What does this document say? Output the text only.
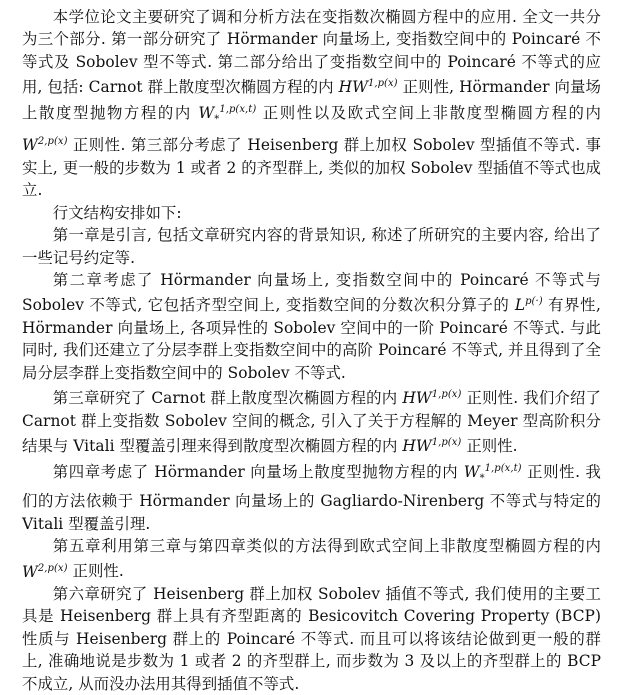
本学位论文主要研究了调和分析方法在变指数次椭圆方程中的应用. 全文一共分为三个部分. 第一部分研究了 Hörmander 向量场上, 变指数空间中的 Poincaré 不等式及 Sobolev 型不等式. 第二部分给出了变指数空间中的 Poincaré 不等式的应用, 包括: Carnot 群上散度型次椭圆方程的内 $HW^{1,p(x)}$ 正则性, Hörmander 向量场上散度型抛物方程的内 $W_*^{1,p(x,t)}$ 正则性以及欧式空间上非散度型椭圆方程的内 $W^{2,p(x)}$ 正则性. 第三部分考虑了 Heisenberg 群上加权 Sobolev 型插值不等式. 事实上, 更一般的步数为 1 或者 2 的齐型群上, 类似的加权 Sobolev 型插值不等式也成立.

行文结构安排如下:

第一章是引言, 包括文章研究内容的背景知识, 称述了所研究的主要内容, 给出了一些记号约定等.

第二章考虑了 Hörmander 向量场上, 变指数空间中的 Poincaré 不等式与 Sobolev 不等式, 它包括齐型空间上, 变指数空间的分数次积分算子的 $L^{p(\cdot)}$ 有界性, Hörmander 向量场上, 各项异性的 Sobolev 空间中的一阶 Poincaré 不等式. 与此同时, 我们还建立了分层李群上变指数空间中的高阶 Poincaré 不等式, 并且得到了全局分层李群上变指数空间中的 Sobolev 不等式.

第三章研究了 Carnot 群上散度型次椭圆方程的内 $HW^{1,p(x)}$ 正则性. 我们介绍了 Carnot 群上变指数 Sobolev 空间的概念, 引入了关于方程解的 Meyer 型高阶积分结果与 Vitali 型覆盖引理来得到散度型次椭圆方程的内 $HW^{1,p(x)}$ 正则性.

第四章考虑了 Hörmander 向量场上散度型抛物方程的内 $W_*^{1,p(x,t)}$ 正则性. 我们的方法依赖于 Hörmander 向量场上的 Gagliardo-Nirenberg 不等式与特定的 Vitali 型覆盖引理.

第五章利用第三章与第四章类似的方法得到欧式空间上非散度型椭圆方程的内 $W^{2,p(x)}$ 正则性.

第六章研究了 Heisenberg 群上加权 Sobolev 插值不等式, 我们使用的主要工具是 Heisenberg 群上具有齐型距离的 Besicovitch Covering Property (BCP) 性质与 Heisenberg 群上的 Poincaré 不等式. 而且可以将该结论做到更一般的群上, 准确地说是步数为 1 或者 2 的齐型群上, 而步数为 3 及以上的齐型群上的 BCP 不成立, 从而没办法用其得到插值不等式.
